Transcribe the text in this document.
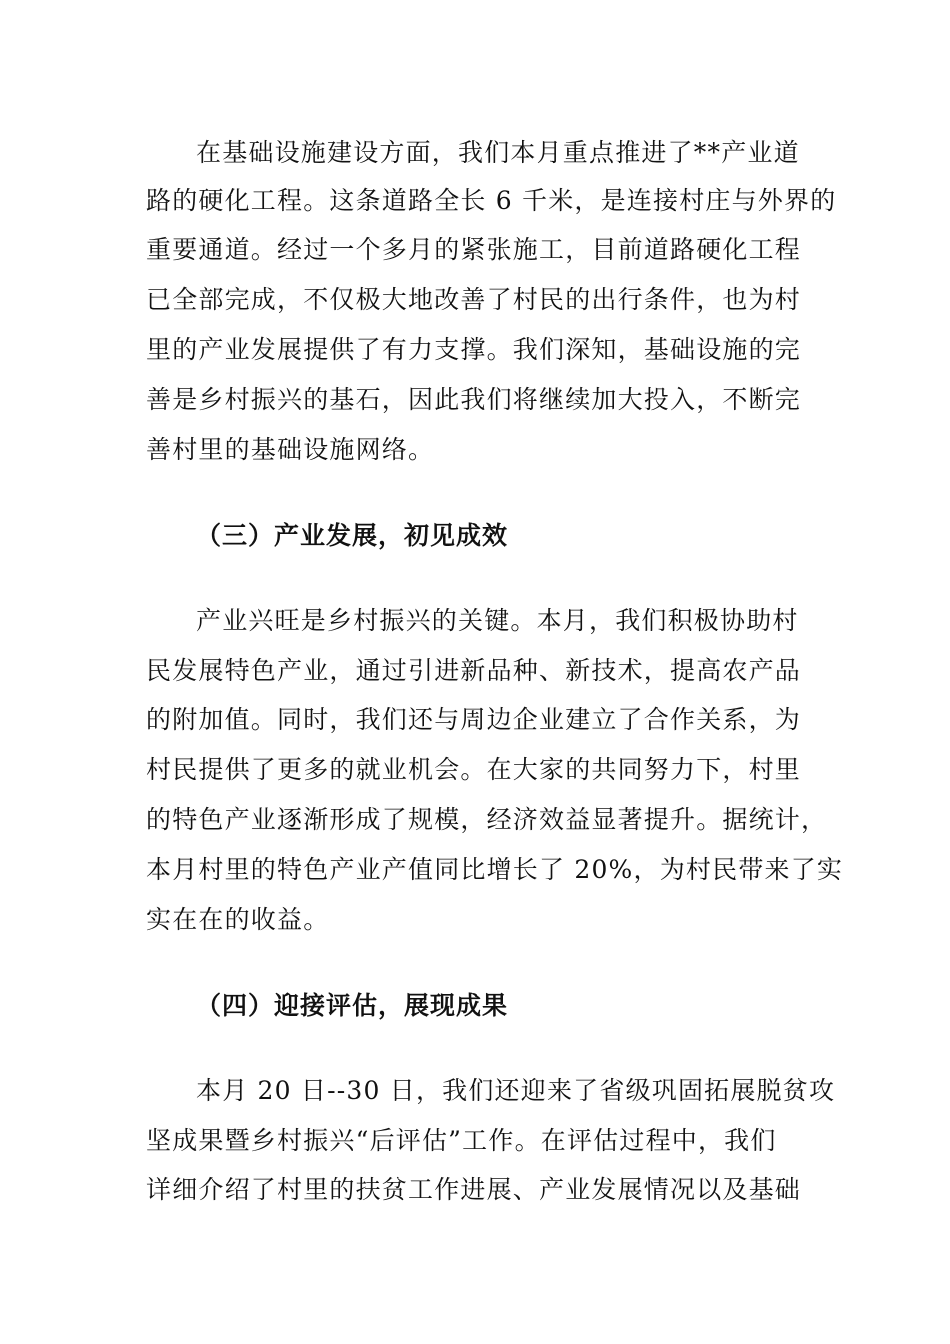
在基础设施建设方面，我们本月重点推进了**产业道
路的硬化工程。这条道路全长 6 千米，是连接村庄与外界的
重要通道。经过一个多月的紧张施工，目前道路硬化工程
已全部完成，不仅极大地改善了村民的出行条件，也为村
里的产业发展提供了有力支撑。我们深知，基础设施的完
善是乡村振兴的基石，因此我们将继续加大投入，不断完
善村里的基础设施网络。
（三）产业发展，初见成效
产业兴旺是乡村振兴的关键。本月，我们积极协助村
民发展特色产业，通过引进新品种、新技术，提高农产品
的附加值。同时，我们还与周边企业建立了合作关系，为
村民提供了更多的就业机会。在大家的共同努力下，村里
的特色产业逐渐形成了规模，经济效益显著提升。据统计，
本月村里的特色产业产值同比增长了 20%，为村民带来了实
实在在的收益。
（四）迎接评估，展现成果
本月 20 日--30 日，我们还迎来了省级巩固拓展脱贫攻
坚成果暨乡村振兴“后评估”工作。在评估过程中，我们
详细介绍了村里的扶贫工作进展、产业发展情况以及基础
